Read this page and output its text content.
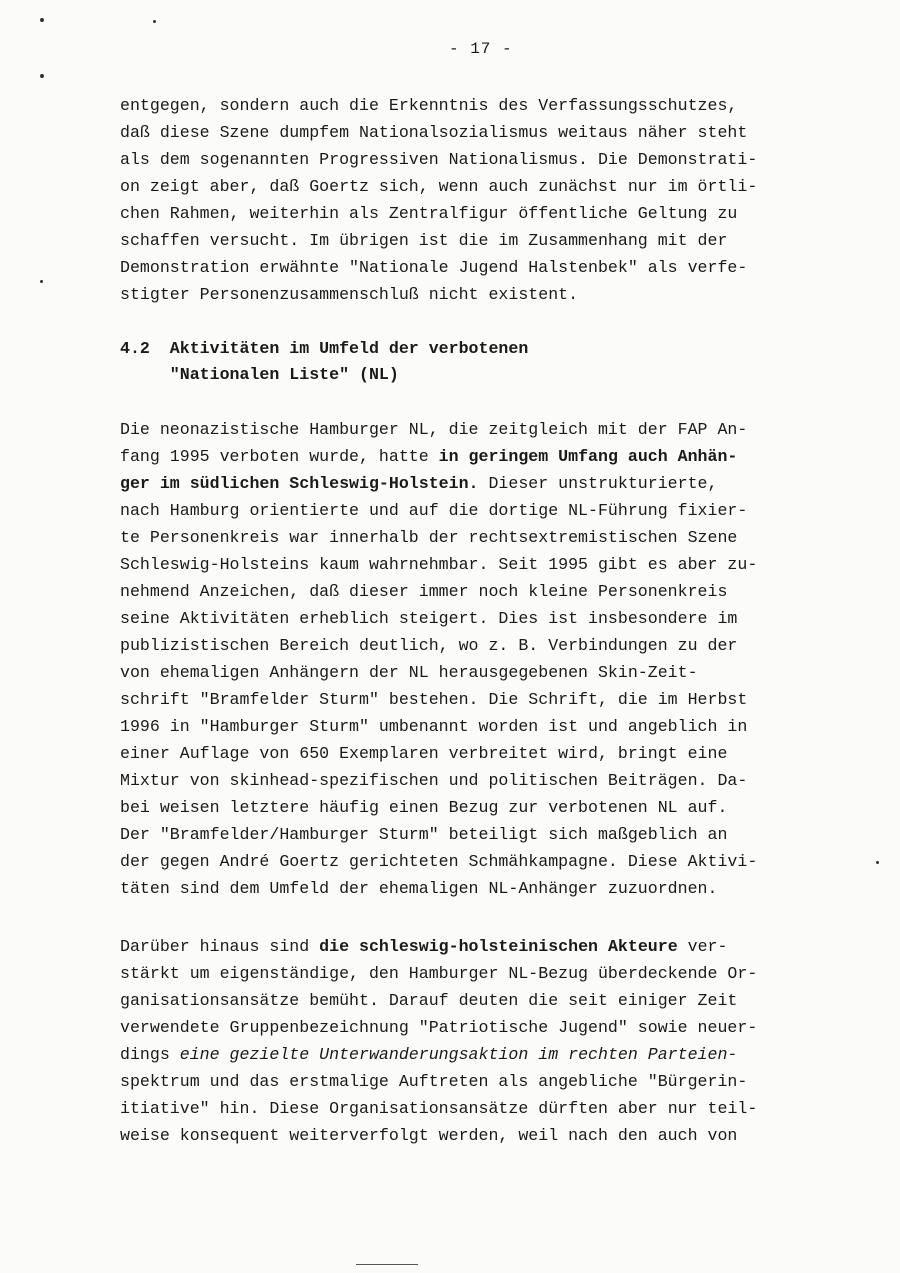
- 17 -
entgegen, sondern auch die Erkenntnis des Verfassungsschutzes,
daß diese Szene dumpfem Nationalsozialismus weitaus näher steht
als dem sogenannten Progressiven Nationalismus. Die Demonstrati-
on zeigt aber, daß Goertz sich, wenn auch zunächst nur im örtli-
chen Rahmen, weiterhin als Zentralfigur öffentliche Geltung zu
schaffen versucht. Im übrigen ist die im Zusammenhang mit der
Demonstration erwähnte "Nationale Jugend Halstenbek" als verfe-
stigter Personenzusammenschluß nicht existent.
4.2  Aktivitäten im Umfeld der verbotenen
"Nationalen Liste" (NL)
Die neonazistische Hamburger NL, die zeitgleich mit der FAP An-
fang 1995 verboten wurde, hatte in geringem Umfang auch Anhän-
ger im südlichen Schleswig-Holstein. Dieser unstrukturierte,
nach Hamburg orientierte und auf die dortige NL-Führung fixier-
te Personenkreis war innerhalb der rechtsextremistischen Szene
Schleswig-Holsteins kaum wahrnehmbar. Seit 1995 gibt es aber zu-
nehmend Anzeichen, daß dieser immer noch kleine Personenkreis
seine Aktivitäten erheblich steigert. Dies ist insbesondere im
publizistischen Bereich deutlich, wo z. B. Verbindungen zu der
von ehemaligen Anhängern der NL herausgegebenen Skin-Zeit-
schrift "Bramfelder Sturm" bestehen. Die Schrift, die im Herbst
1996 in "Hamburger Sturm" umbenannt worden ist und angeblich in
einer Auflage von 650 Exemplaren verbreitet wird, bringt eine
Mixtur von skinhead-spezifischen und politischen Beiträgen. Da-
bei weisen letztere häufig einen Bezug zur verbotenen NL auf.
Der "Bramfelder/Hamburger Sturm" beteiligt sich maßgeblich an
der gegen André Goertz gerichteten Schmähkampagne. Diese Aktivi-
täten sind dem Umfeld der ehemaligen NL-Anhänger zuzuordnen.
Darüber hinaus sind die schleswig-holsteinischen Akteure ver-
stärkt um eigenständige, den Hamburger NL-Bezug überdeckende Or-
ganisationsansätze bemüht. Darauf deuten die seit einiger Zeit
verwendete Gruppenbezeichnung "Patriotische Jugend" sowie neuer-
dings eine gezielte Unterwanderungsaktion im rechten Parteien-
spektrum und das erstmalige Auftreten als angebliche "Bürgerin-
itiative" hin. Diese Organisationsansätze dürften aber nur teil-
weise konsequent weiterverfolgt werden, weil nach den auch von
